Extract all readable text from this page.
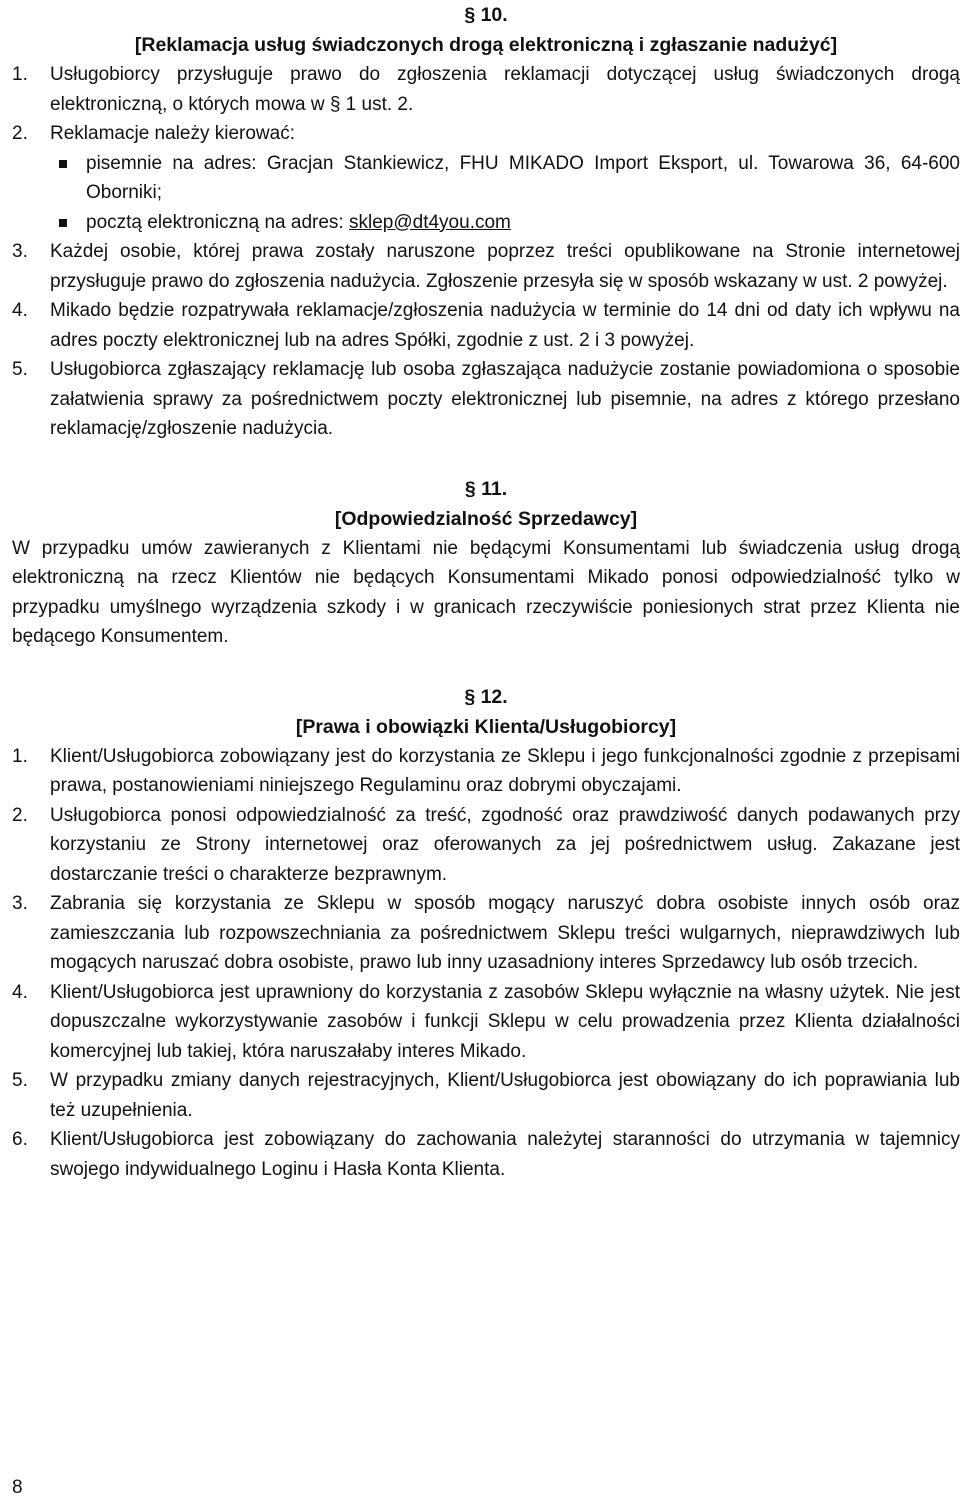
§ 10.
[Reklamacja usług świadczonych drogą elektroniczną i zgłaszanie nadużyć]
1. Usługobiorcy przysługuje prawo do zgłoszenia reklamacji dotyczącej usług świadczonych drogą elektroniczną, o których mowa w § 1 ust. 2.
2. Reklamacje należy kierować:
pisemnie na adres: Gracjan Stankiewicz, FHU MIKADO Import Eksport, ul. Towarowa 36, 64-600 Oborniki;
pocztą elektroniczną na adres: sklep@dt4you.com
3. Każdej osobie, której prawa zostały naruszone poprzez treści opublikowane na Stronie internetowej przysługuje prawo do zgłoszenia nadużycia. Zgłoszenie przesyła się w sposób wskazany w ust. 2 powyżej.
4. Mikado będzie rozpatrywała reklamacje/zgłoszenia nadużycia w terminie do 14 dni od daty ich wpływu na adres poczty elektronicznej lub na adres Spółki, zgodnie z ust. 2 i 3 powyżej.
5. Usługobiorca zgłaszający reklamację lub osoba zgłaszająca nadużycie zostanie powiadomiona o sposobie załatwienia sprawy za pośrednictwem poczty elektronicznej lub pisemnie, na adres z którego przesłano reklamację/zgłoszenie nadużycia.
§ 11.
[Odpowiedzialność Sprzedawcy]

W przypadku umów zawieranych z Klientami nie będącymi Konsumentami lub świadczenia usług drogą elektroniczną na rzecz Klientów nie będących Konsumentami Mikado ponosi odpowiedzialność tylko w przypadku umyślnego wyrządzenia szkody i w granicach rzeczywiście poniesionych strat przez Klienta nie będącego Konsumentem.

§ 12.
[Prawa i obowiązki Klienta/Usługobiorcy]
1. Klient/Usługobiorca zobowiązany jest do korzystania ze Sklepu i jego funkcjonalności zgodnie z przepisami prawa, postanowieniami niniejszego Regulaminu oraz dobrymi obyczajami.
2. Usługobiorca ponosi odpowiedzialność za treść, zgodność oraz prawdziwość danych podawanych przy korzystaniu ze Strony internetowej oraz oferowanych za jej pośrednictwem usług. Zakazane jest dostarczanie treści o charakterze bezprawnym.
3. Zabrania się korzystania ze Sklepu w sposób mogący naruszyć dobra osobiste innych osób oraz zamieszczania lub rozpowszechniania za pośrednictwem Sklepu treści wulgarnych, nieprawdziwych lub mogących naruszać dobra osobiste, prawo lub inny uzasadniony interes Sprzedawcy lub osób trzecich.
4. Klient/Usługobiorca jest uprawniony do korzystania z zasobów Sklepu wyłącznie na własny użytek. Nie jest dopuszczalne wykorzystywanie zasobów i funkcji Sklepu w celu prowadzenia przez Klienta działalności komercyjnej lub takiej, która naruszałaby interes Mikado.
5. W przypadku zmiany danych rejestracyjnych, Klient/Usługobiorca jest obowiązany do ich poprawiania lub też uzupełnienia.
6. Klient/Usługobiorca jest zobowiązany do zachowania należytej staranności do utrzymania w tajemnicy swojego indywidualnego Loginu i Hasła Konta Klienta.
8
